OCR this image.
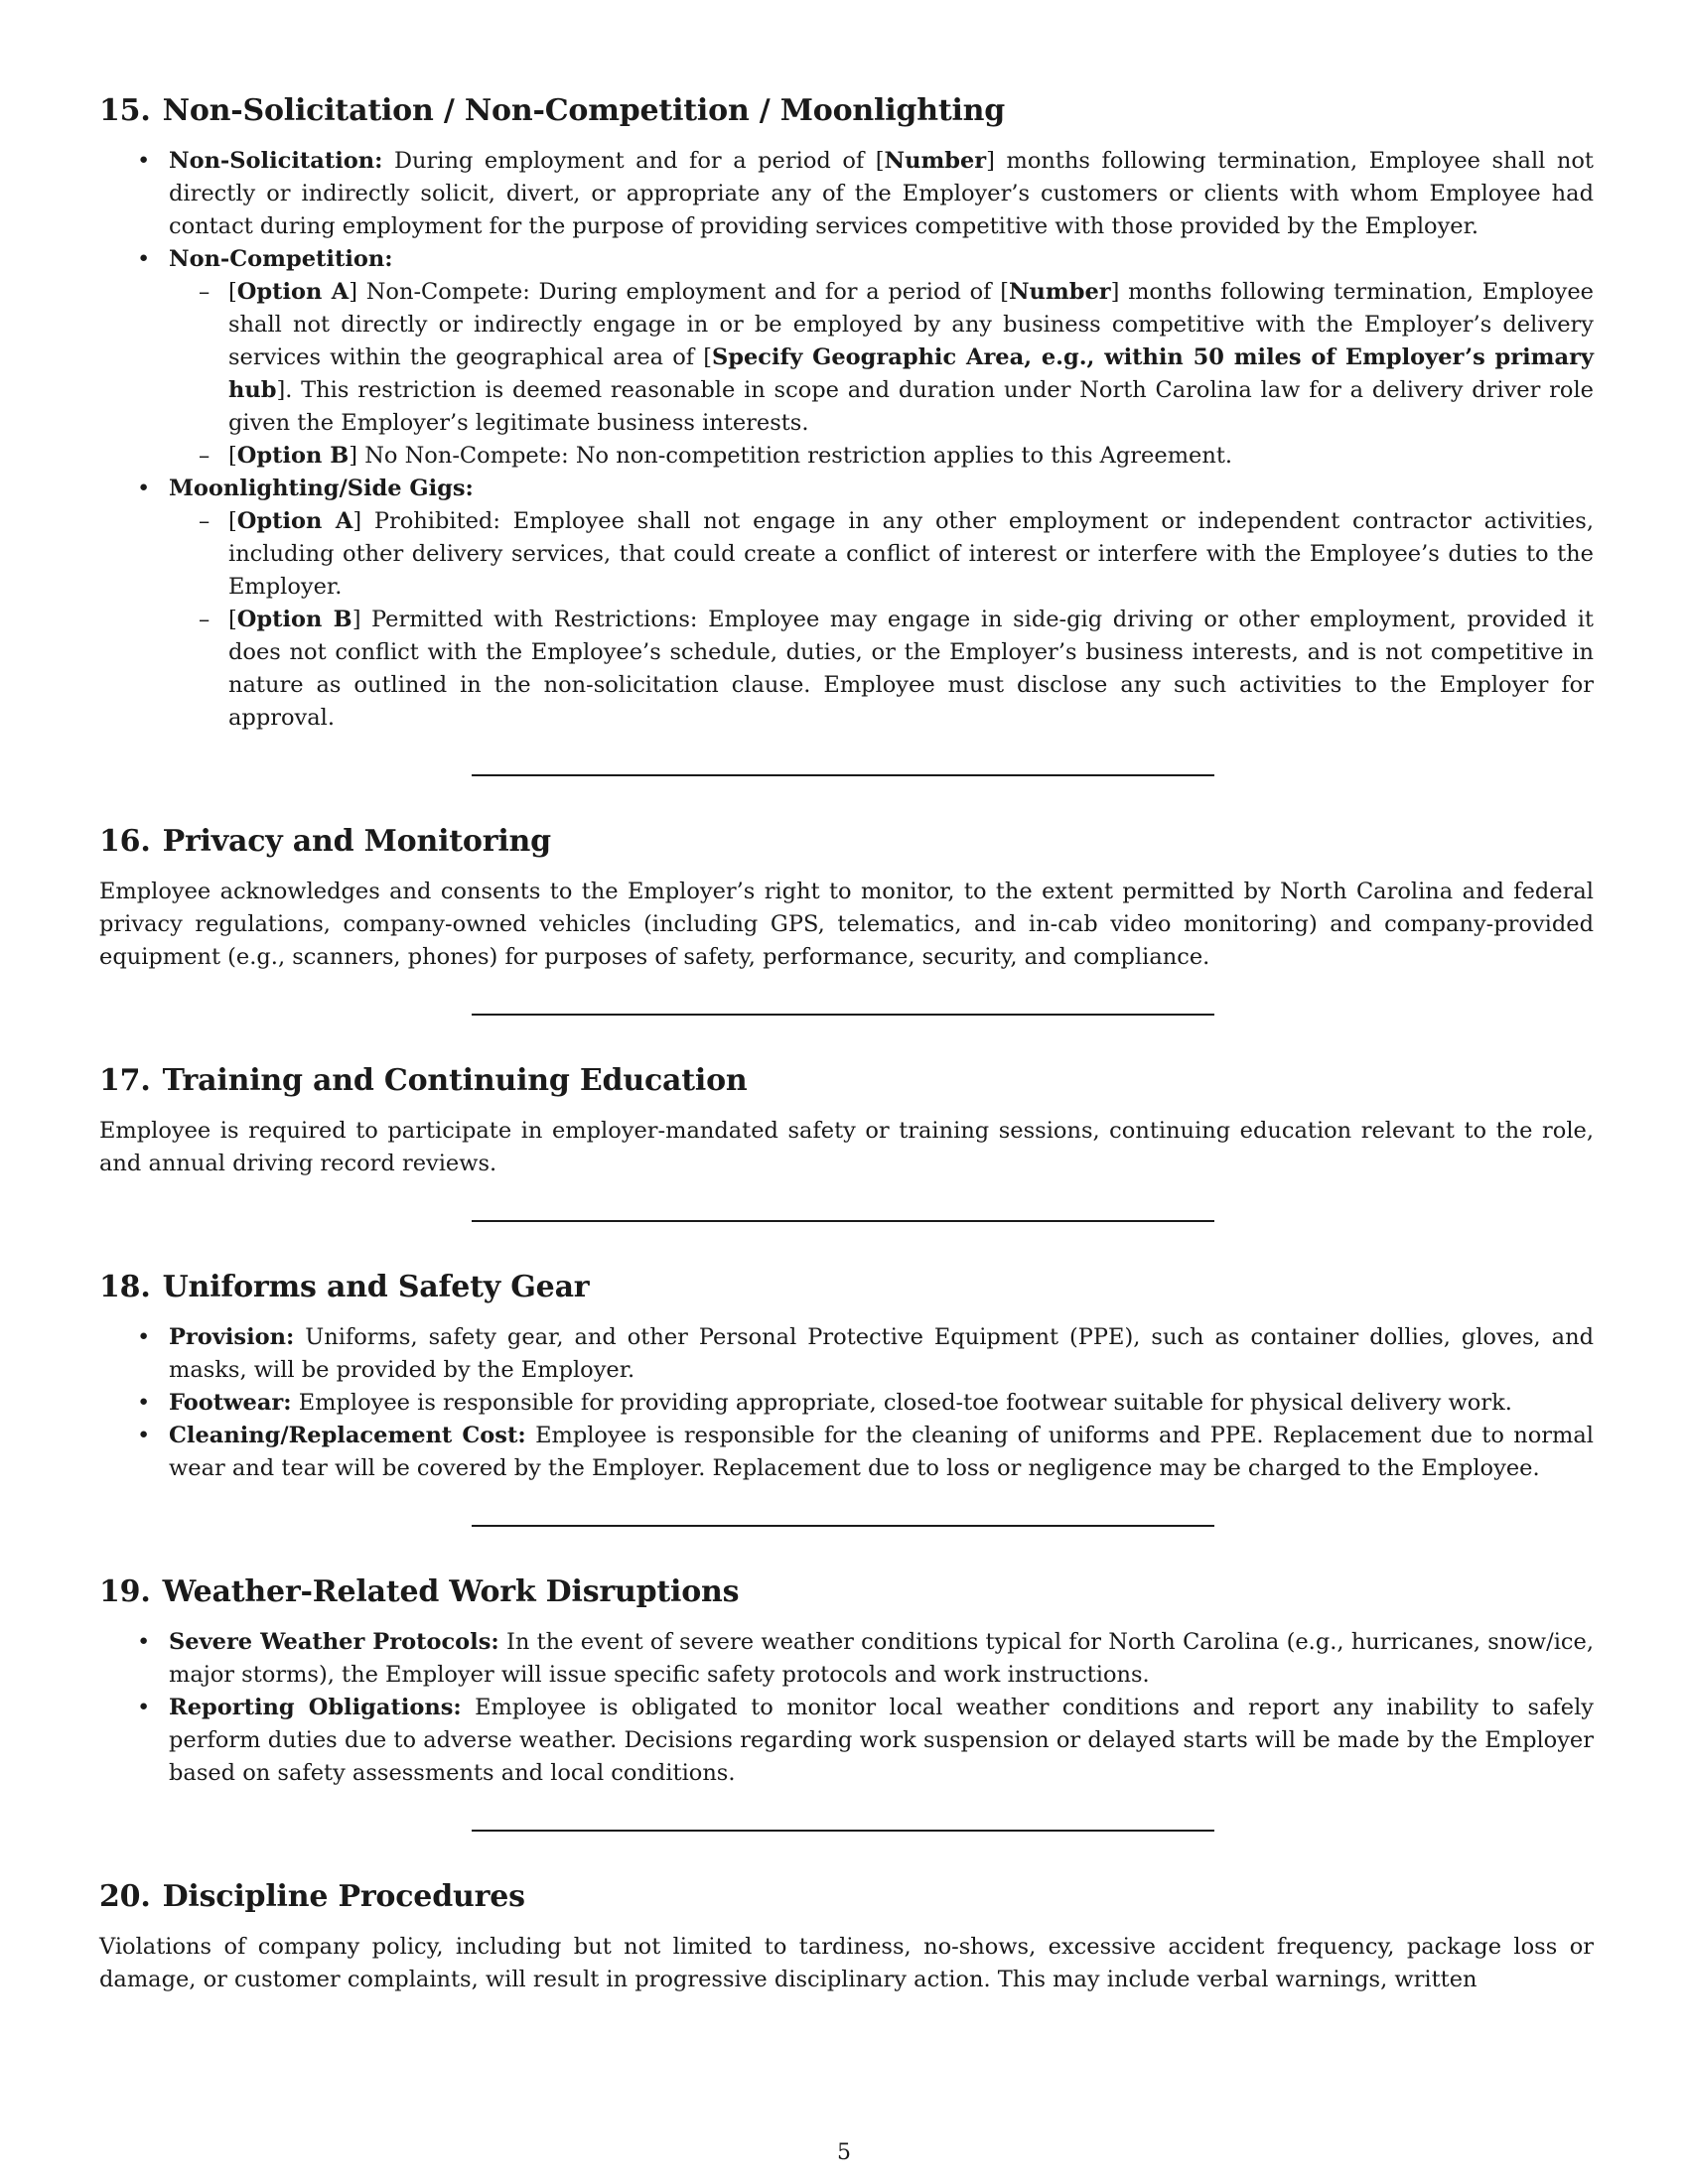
15. Non-Solicitation / Non-Competition / Moonlighting
• Non-Solicitation: During employment and for a period of [Number] months following termination, Employee shall not directly or indirectly solicit, divert, or appropriate any of the Employer’s customers or clients with whom Employee had contact during employment for the purpose of providing services competitive with those provided by the Employer.
• Non-Competition:
– [Option A] Non-Compete: During employment and for a period of [Number] months following termination, Employee shall not directly or indirectly engage in or be employed by any business competitive with the Employer’s delivery services within the geographical area of [Specify Geographic Area, e.g., within 50 miles of Employer’s primary hub]. This restriction is deemed reasonable in scope and duration under North Carolina law for a delivery driver role given the Employer’s legitimate business interests.
– [Option B] No Non-Compete: No non-competition restriction applies to this Agreement.
• Moonlighting/Side Gigs:
– [Option A] Prohibited: Employee shall not engage in any other employment or independent contractor activities, including other delivery services, that could create a conflict of interest or interfere with the Employee’s duties to the Employer.
– [Option B] Permitted with Restrictions: Employee may engage in side-gig driving or other employment, provided it does not conflict with the Employee’s schedule, duties, or the Employer’s business interests, and is not competitive in nature as outlined in the non-solicitation clause. Employee must disclose any such activities to the Employer for approval.
16. Privacy and Monitoring

Employee acknowledges and consents to the Employer’s right to monitor, to the extent permitted by North Carolina and federal privacy regulations, company-owned vehicles (including GPS, telematics, and in-cab video monitoring) and company-provided equipment (e.g., scanners, phones) for purposes of safety, performance, security, and compliance.

17. Training and Continuing Education

Employee is required to participate in employer-mandated safety or training sessions, continuing education relevant to the role, and annual driving record reviews.

18. Uniforms and Safety Gear
• Provision: Uniforms, safety gear, and other Personal Protective Equipment (PPE), such as container dollies, gloves, and masks, will be provided by the Employer.
• Footwear: Employee is responsible for providing appropriate, closed-toe footwear suitable for physical delivery work.
• Cleaning/Replacement Cost: Employee is responsible for the cleaning of uniforms and PPE. Replacement due to normal wear and tear will be covered by the Employer. Replacement due to loss or negligence may be charged to the Employee.
19. Weather-Related Work Disruptions
• Severe Weather Protocols: In the event of severe weather conditions typical for North Carolina (e.g., hurricanes, snow/ice, major storms), the Employer will issue specific safety protocols and work instructions.
• Reporting Obligations: Employee is obligated to monitor local weather conditions and report any inability to safely perform duties due to adverse weather. Decisions regarding work suspension or delayed starts will be made by the Employer based on safety assessments and local conditions.
20. Discipline Procedures

Violations of company policy, including but not limited to tardiness, no-shows, excessive accident frequency, package loss or damage, or customer complaints, will result in progressive disciplinary action. This may include verbal warnings, written

5
